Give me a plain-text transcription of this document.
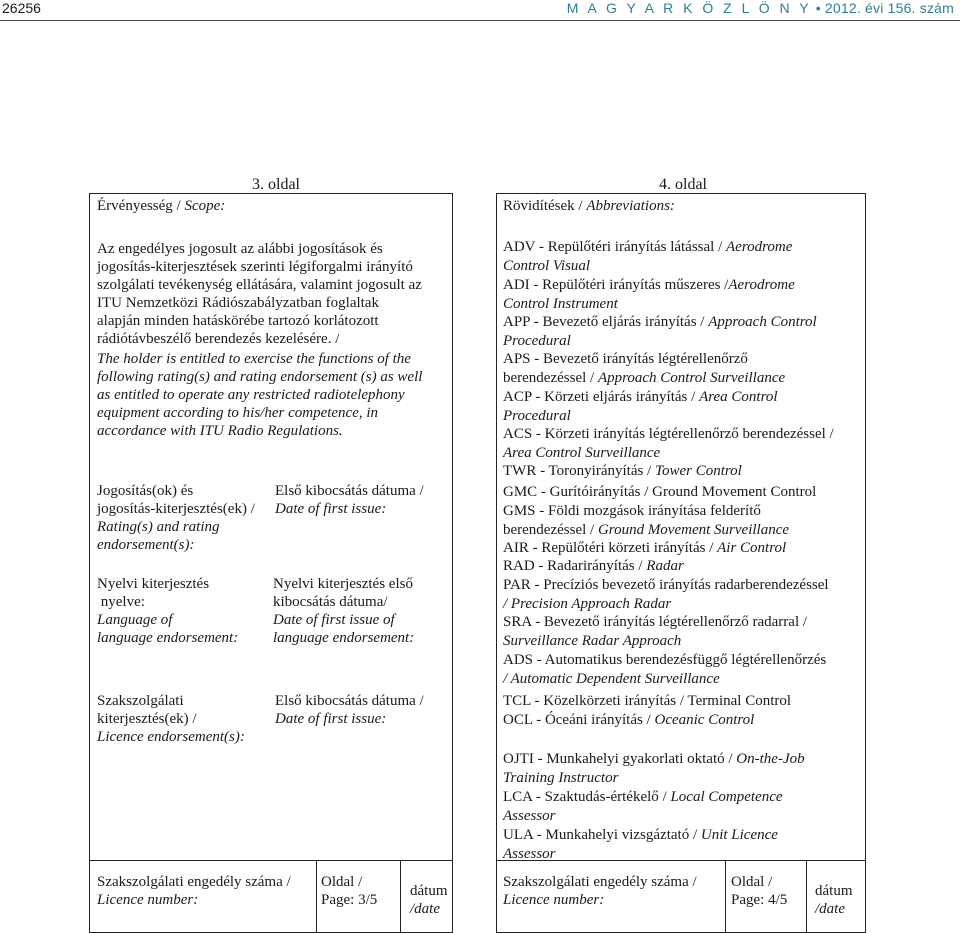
26256	M A G Y A R K Ö Z L Ö N Y • 2012. évi 156. szám
3. oldal
Érvényesség / Scope:
Az engedélyes jogosult az alábbi jogosítások és
jogosítás-kiterjesztések szerinti légiforgalmi irányító
szolgálati tevékenység ellátására, valamint jogosult az
ITU Nemzetközi Rádiószabályzatban foglaltak
alapján minden hatáskörébe tartozó korlátozott
rádiótávbeszélő berendezés kezelésére. /
The holder is entitled to exercise the functions of the
following rating(s) and rating endorsement (s) as well
as entitled to operate any restricted radiotelephony
equipment according to his/her competence, in
accordance with ITU Radio Regulations.
Jogosítás(ok) és
jogosítás-kiterjesztés(ek) /
Rating(s) and rating
endorsement(s):
Első kibocsátás dátuma /
Date of first issue:
Nyelvi kiterjesztés
nyelve:
Language of
language endorsement:
Nyelvi kiterjesztés első
kibocsátás dátuma/
Date of first issue of
language endorsement:
Szakszolgálati
kiterjesztés(ek) /
Licence endorsement(s):
Első kibocsátás dátuma /
Date of first issue:
Szakszolgálati engedély száma /
Licence number:
Oldal /
Page: 3/5
dátum
/date
4. oldal
Rövidítések / Abbreviations:
ADV - Repülőtéri irányítás látással / Aerodrome
Control Visual
ADI - Repülőtéri irányítás műszeres /Aerodrome
Control Instrument
APP - Bevezető eljárás irányítás / Approach Control
Procedural
APS - Bevezető irányítás légtérellenőrző
berendezéssel / Approach Control Surveillance
ACP - Körzeti eljárás irányítás / Area Control
Procedural
ACS - Körzeti irányítás légtérellenőrző berendezéssel /
Area Control Surveillance
TWR - Toronyirányítás / Tower Control
GMC - Gurítóirányítás / Ground Movement Control
GMS - Földi mozgások irányítása felderítő
berendezéssel / Ground Movement Surveillance
AIR - Repülőtéri körzeti irányítás / Air Control
RAD - Radarirányítás / Radar
PAR - Precíziós bevezető irányítás radarberendezéssel
/ Precision Approach Radar
SRA - Bevezető irányítás légtérellenőrző radarral /
Surveillance Radar Approach
ADS - Automatikus berendezésfüggő légtérellenőrzés
/ Automatic Dependent Surveillance
TCL - Közelkörzeti irányítás / Terminal Control
OCL - Óceáni irányítás / Oceanic Control
OJTI - Munkahelyi gyakorlati oktató / On-the-Job
Training Instructor
LCA - Szaktudás-értékelő / Local Competence
Assessor
ULA - Munkahelyi vizsgáztató / Unit Licence
Assessor
Szakszolgálati engedély száma /
Licence number:
Oldal /
Page: 4/5
dátum
/date
